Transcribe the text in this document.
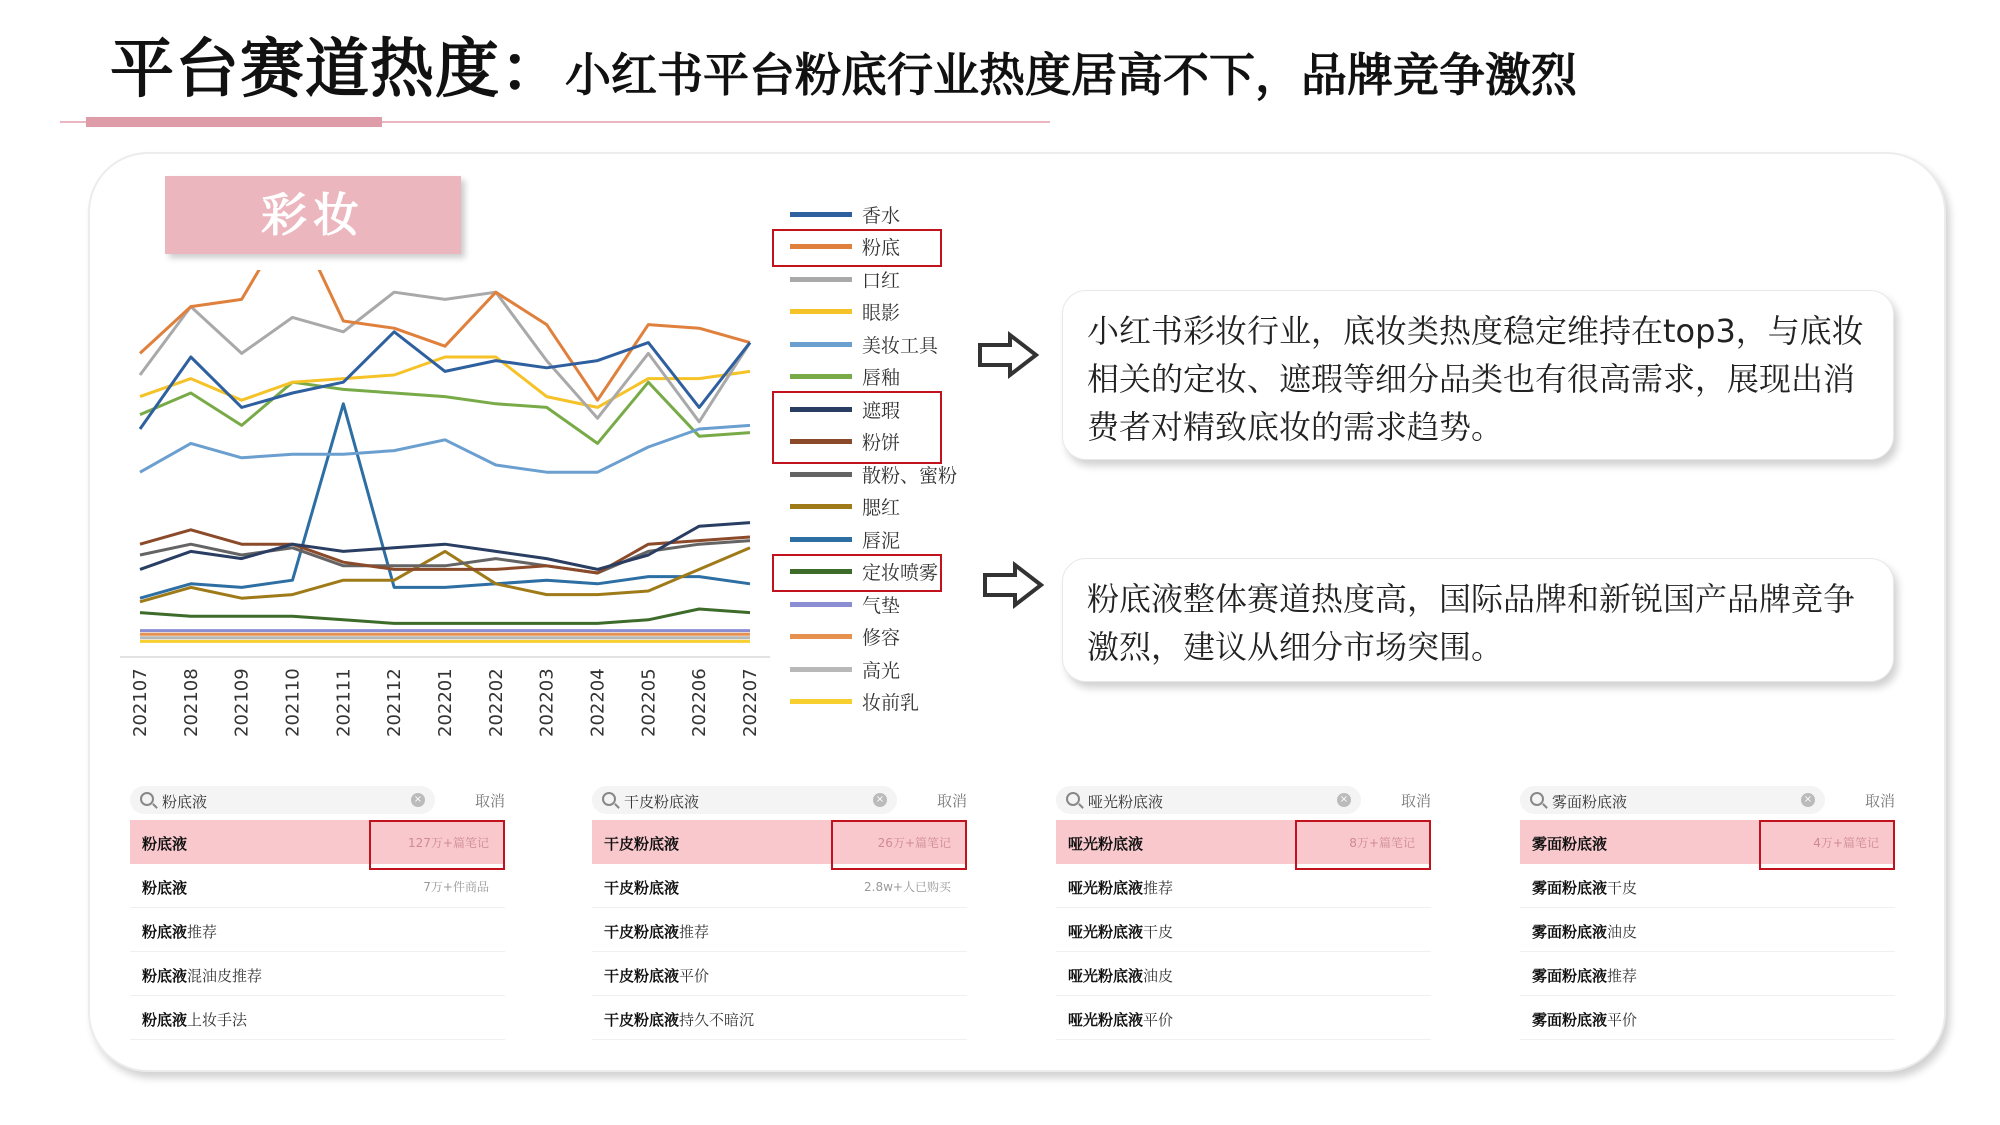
平台赛道热度：小红书平台粉底行业热度居高不下，品牌竞争激烈
彩妆
202107 202108 202109 202110 202111 202112 202201 202202 202203 202204 202205 202206 202207
香水
粉底
口红
眼影
美妆工具
唇釉
遮瑕
粉饼
散粉、蜜粉
腮红
唇泥
定妆喷雾
气垫
修容
高光
妆前乳
小红书彩妆行业，底妆类热度稳定维持在top3，与底妆相关的定妆、遮瑕等细分品类也有很高需求，展现出消费者对精致底妆的需求趋势。
粉底液整体赛道热度高，国际品牌和新锐国产品牌竞争激烈，建议从细分市场突围。
粉底液	×	取消
粉底液	127万+篇笔记
粉底液	7万+件商品
粉底液推荐
粉底液混油皮推荐
粉底液上妆手法
干皮粉底液	×	取消
干皮粉底液	26万+篇笔记
干皮粉底液	2.8w+人已购买
干皮粉底液推荐
干皮粉底液平价
干皮粉底液持久不暗沉
哑光粉底液	×	取消
哑光粉底液	8万+篇笔记
哑光粉底液推荐
哑光粉底液干皮
哑光粉底液油皮
哑光粉底液平价
雾面粉底液	×	取消
雾面粉底液	4万+篇笔记
雾面粉底液干皮
雾面粉底液油皮
雾面粉底液推荐
雾面粉底液平价
